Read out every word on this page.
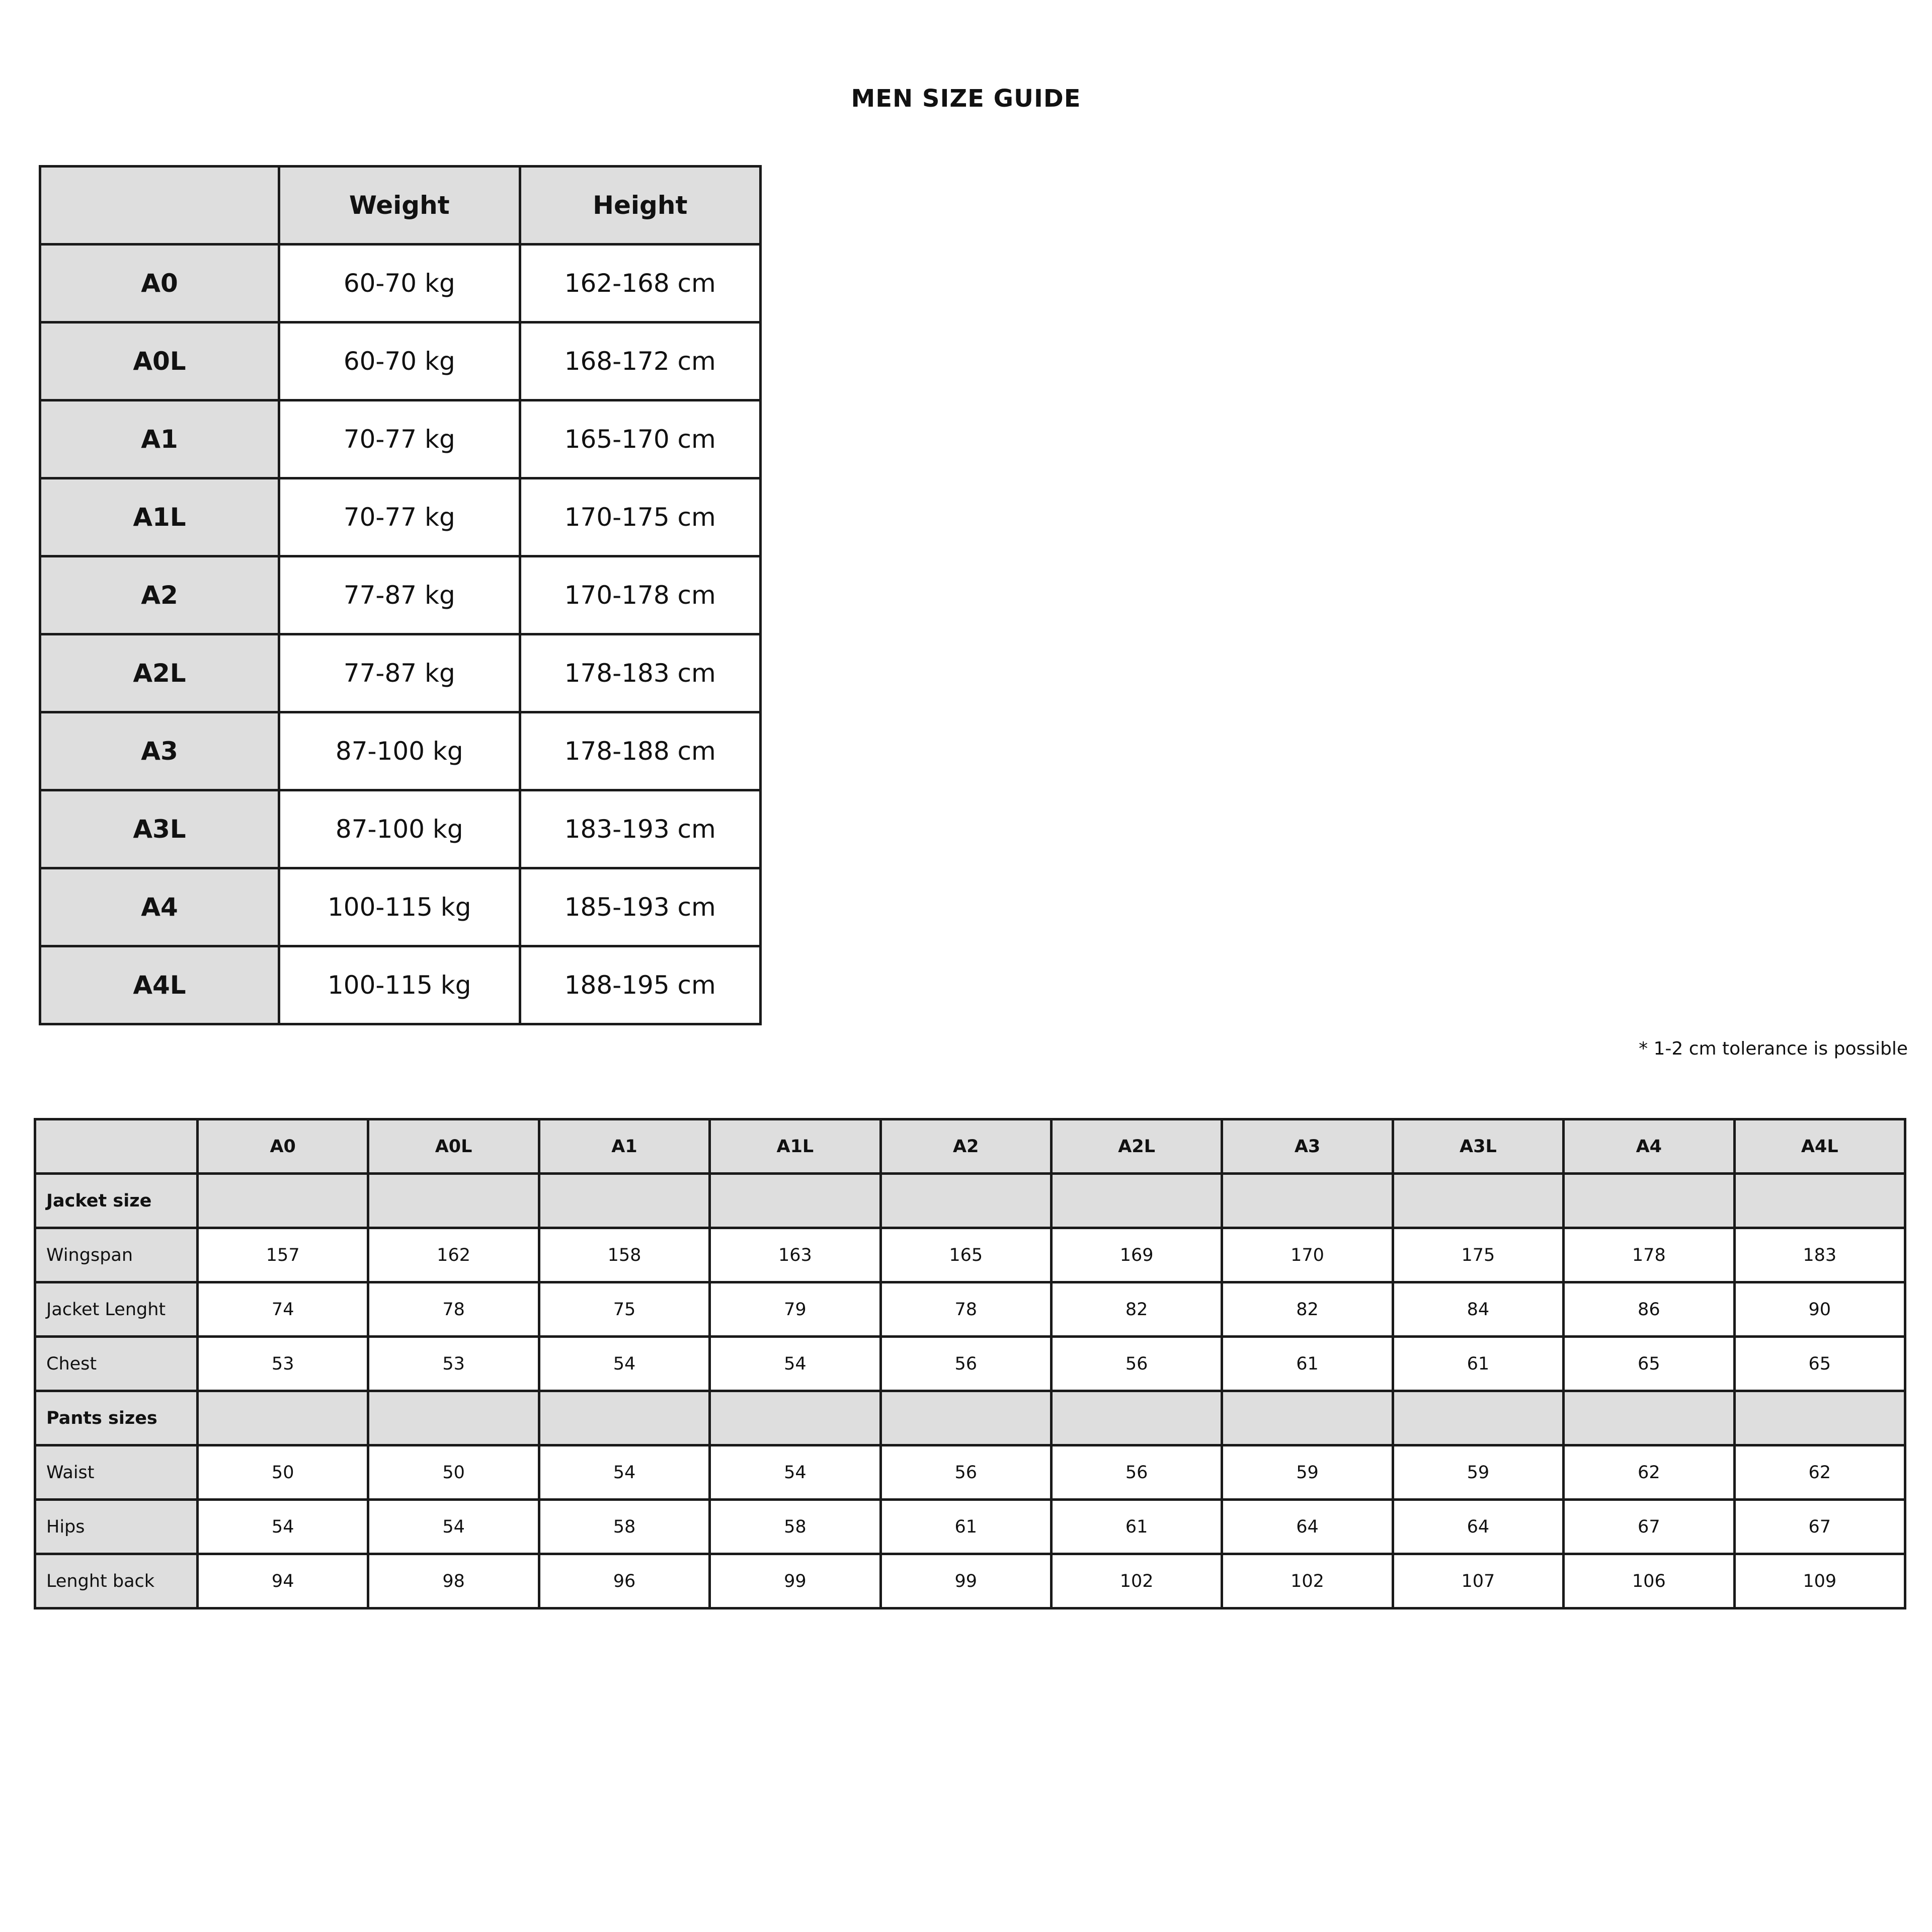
MEN SIZE GUIDE
	Weight	Height
A0	60-70 kg	162-168 cm
A0L	60-70 kg	168-172 cm
A1	70-77 kg	165-170 cm
A1L	70-77 kg	170-175 cm
A2	77-87 kg	170-178 cm
A2L	77-87 kg	178-183 cm
A3	87-100 kg	178-188 cm
A3L	87-100 kg	183-193 cm
A4	100-115 kg	185-193 cm
A4L	100-115 kg	188-195 cm
* 1-2 cm tolerance is possible
	A0	A0L	A1	A1L	A2	A2L	A3	A3L	A4	A4L
Jacket size										
Wingspan	157	162	158	163	165	169	170	175	178	183
Jacket Lenght	74	78	75	79	78	82	82	84	86	90
Chest	53	53	54	54	56	56	61	61	65	65
Pants sizes										
Waist	50	50	54	54	56	56	59	59	62	62
Hips	54	54	58	58	61	61	64	64	67	67
Lenght back	94	98	96	99	99	102	102	107	106	109
